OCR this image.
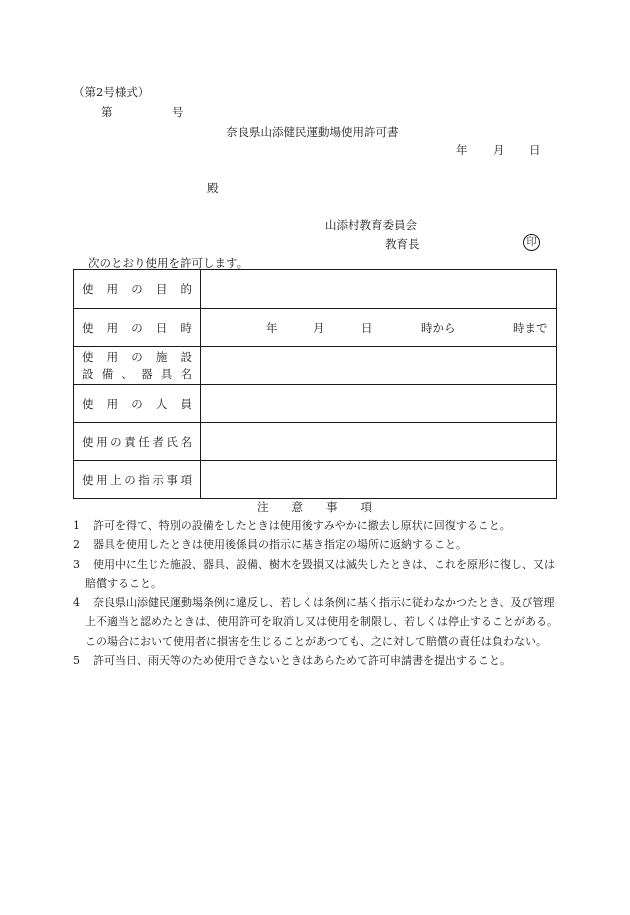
（第2号様式）
第	号
奈良県山添健民運動場使用許可書
年 月 日
殿
山添村教育委員会
教育長	印
次のとおり使用を許可します。
使用の目的	

使用の日時	年 月 日 時から 時まで

使用の施設
設備、器具名	

使用の人員	

使用の責任者氏名	

使用上の指示事項	

注　　意　　事　　項
1 許可を得て、特別の設備をしたときは使用後すみやかに撤去し原状に回復すること。
2 器具を使用したときは使用後係員の指示に基き指定の場所に返納すること。
3 使用中に生じた施設、器具、設備、樹木を毀損又は滅失したときは、これを原形に復し、又は賠償すること。
4 奈良県山添健民運動場条例に違反し、若しくは条例に基く指示に従わなかつたとき、及び管理上不適当と認めたときは、使用許可を取消し又は使用を制限し、若しくは停止することがある。この場合において使用者に損害を生じることがあつても、之に対して賠償の責任は負わない。
5 許可当日、雨天等のため使用できないときはあらためて許可申請書を提出すること。
